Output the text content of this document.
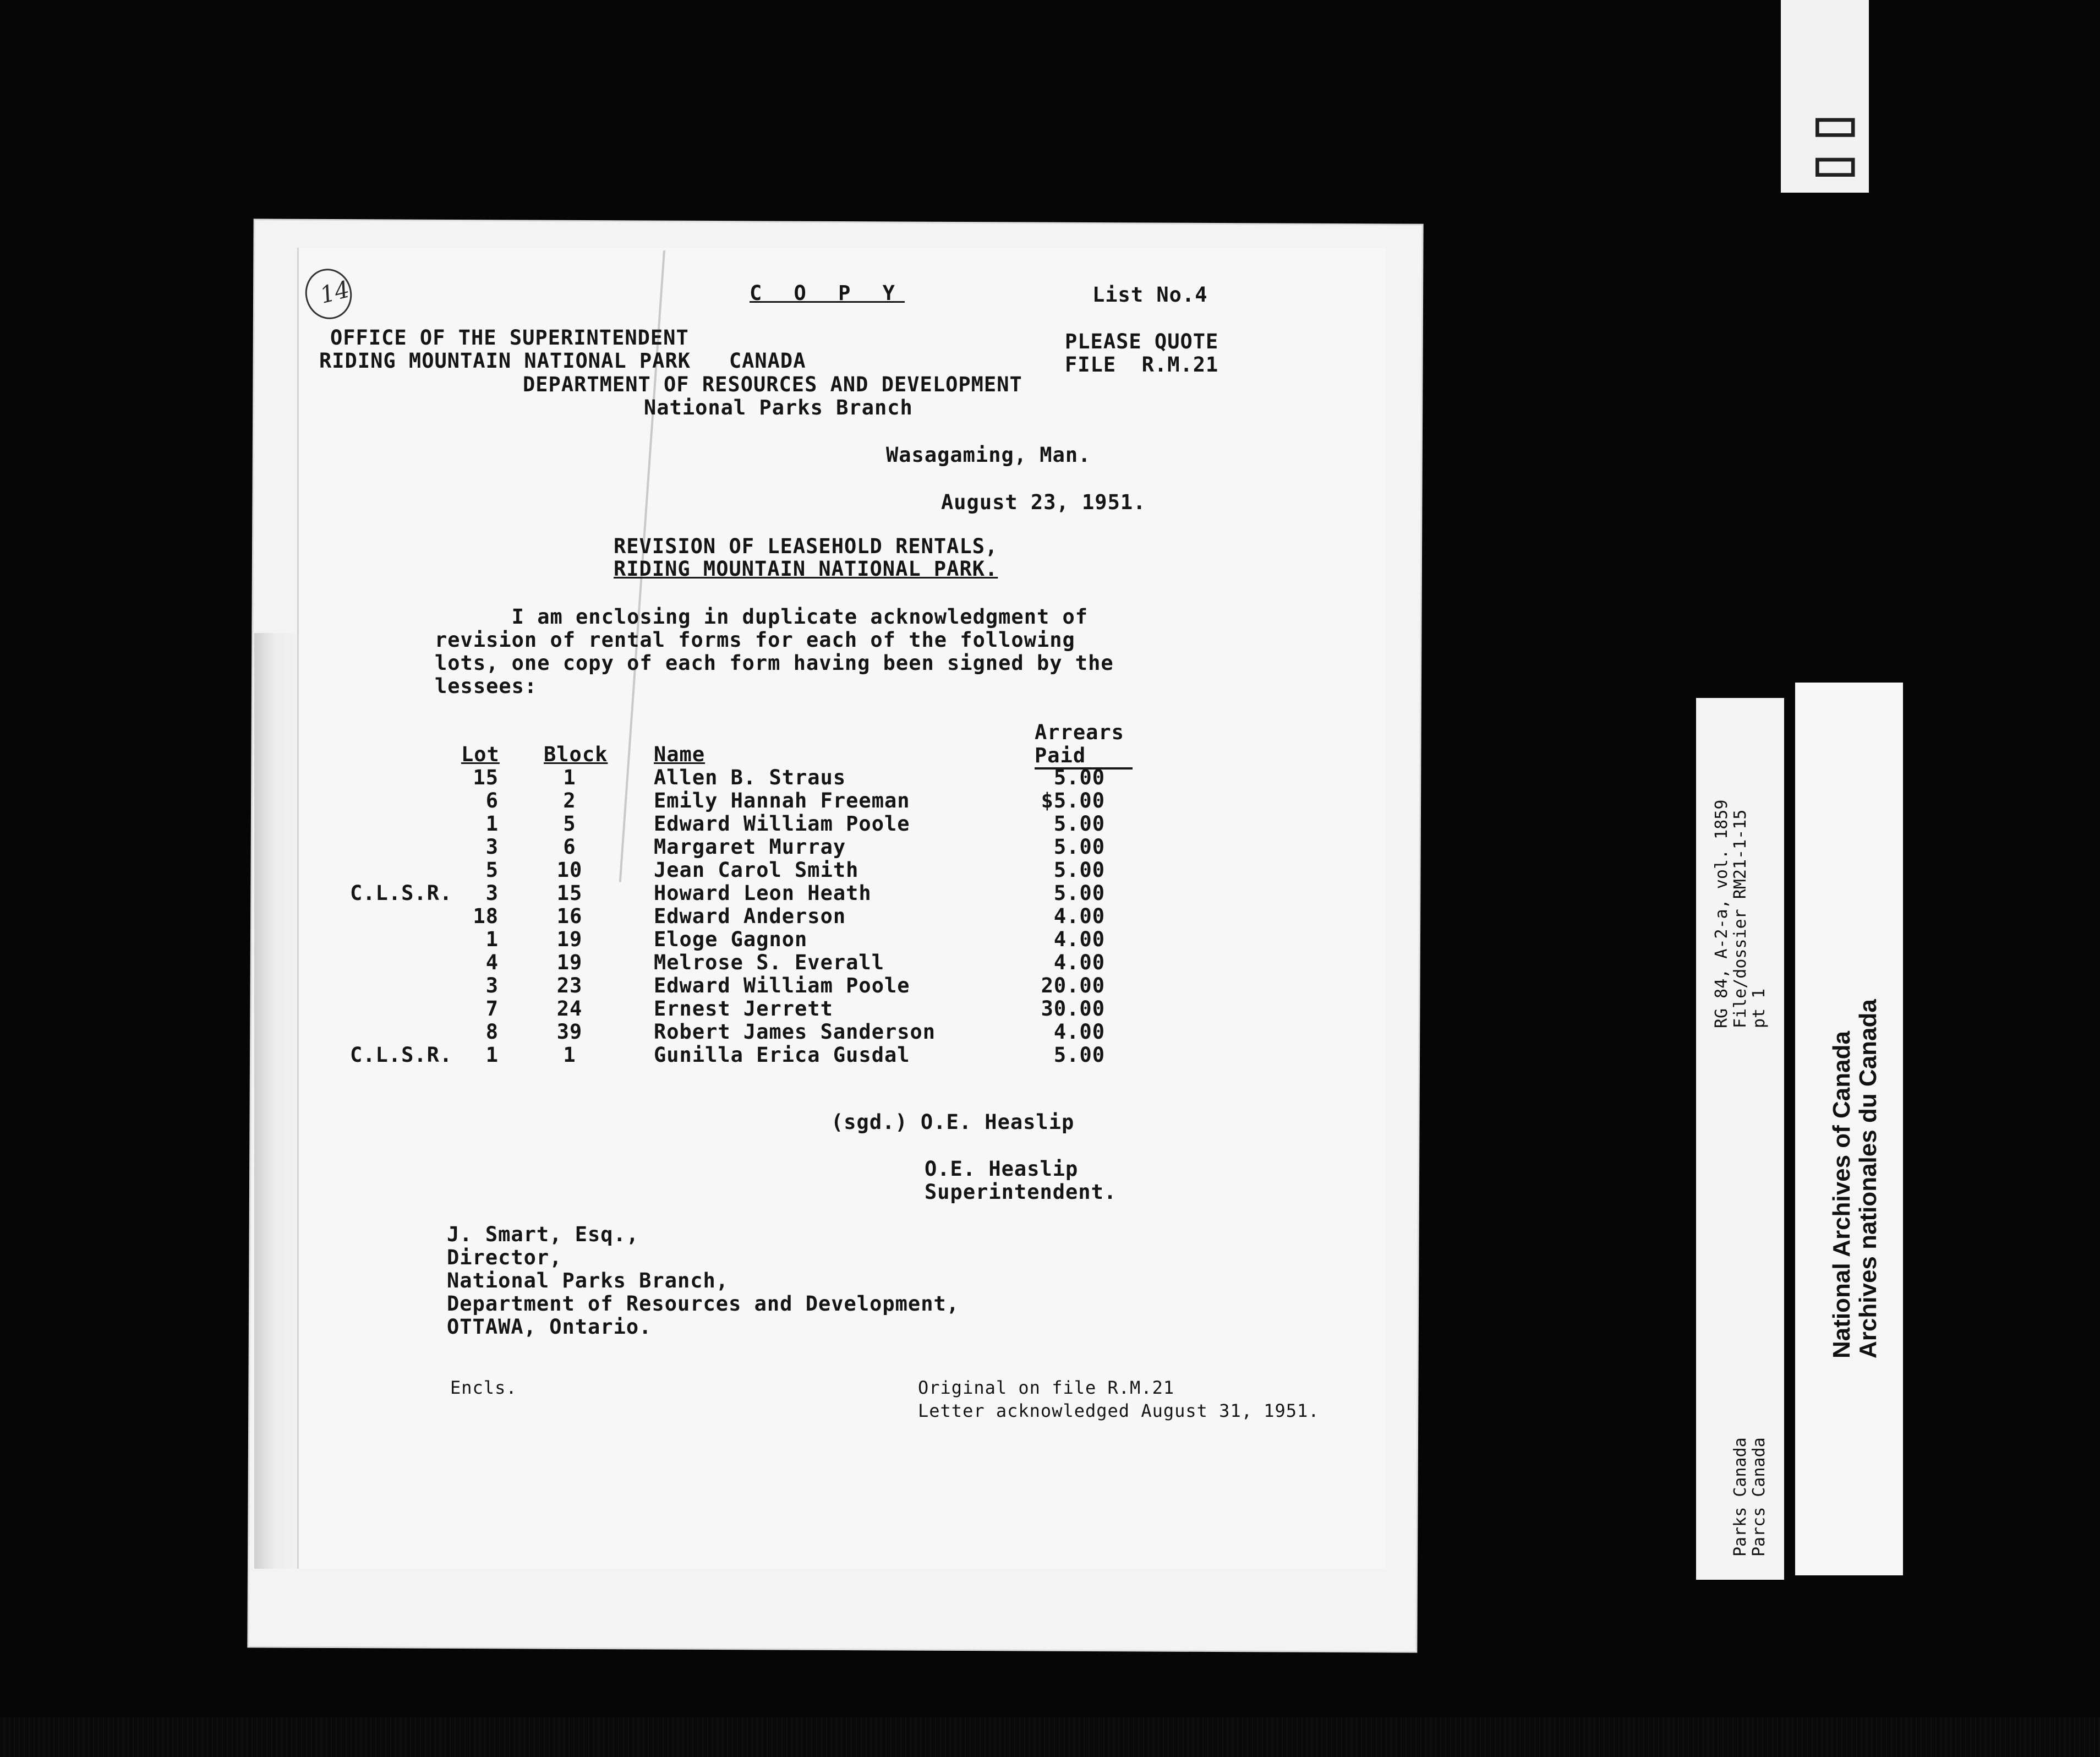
▯▯
14	C O P Y	List No.4
OFFICE OF THE SUPERINTENDENT
RIDING MOUNTAIN NATIONAL PARK   CANADA
DEPARTMENT OF RESOURCES AND DEVELOPMENT
National Parks Branch
PLEASE QUOTE
FILE  R.M.21
Wasagaming, Man.
August 23, 1951.
REVISION OF LEASEHOLD RENTALS,
RIDING MOUNTAIN NATIONAL PARK.
I am enclosing in duplicate acknowledgment of
revision of rental forms for each of the following
lots, one copy of each form having been signed by the
lessees:
Arrears
Lot Block Name	Paid
15	1	Allen B. Straus	5.00
6	2	Emily Hannah Freeman	$5.00
1	5	Edward William Poole	5.00
3	6	Margaret Murray	5.00
5	10	Jean Carol Smith	5.00
C.L.S.R.	3	15	Howard Leon Heath	5.00
18	16	Edward Anderson	4.00
1	19	Eloge Gagnon	4.00
4	19	Melrose S. Everall	4.00
3	23	Edward William Poole	20.00
7	24	Ernest Jerrett	30.00
8	39	Robert James Sanderson	4.00
C.L.S.R.	1	1	Gunilla Erica Gusdal	5.00
(sgd.) O.E. Heaslip
O.E. Heaslip
Superintendent.
J. Smart, Esq.,
Director,
National Parks Branch,
Department of Resources and Development,
OTTAWA, Ontario.
Encls.	Original on file R.M.21
Letter acknowledged August 31, 1951.
RG 84, A-2-a, vol. 1859 File/dossier RM21-1-15 pt 1
Parks Canada Parcs Canada
National Archives of Canada Archives nationales du Canada
